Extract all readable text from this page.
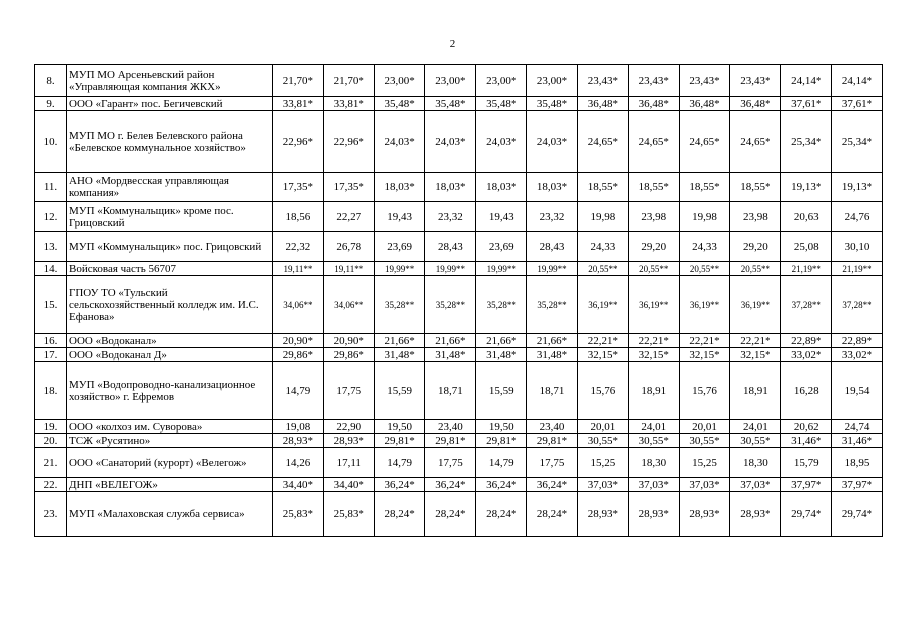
2
8.	МУП МО Арсеньевский район «Управляющая компания ЖКХ»	21,70*	21,70*	23,00*	23,00*	23,00*	23,00*	23,43*	23,43*	23,43*	23,43*	24,14*	24,14*
9.	ООО «Гарант» пос. Бегичевский	33,81*	33,81*	35,48*	35,48*	35,48*	35,48*	36,48*	36,48*	36,48*	36,48*	37,61*	37,61*
10.	МУП МО г. Белев Белевского района «Белевское коммунальное хозяйство»	22,96*	22,96*	24,03*	24,03*	24,03*	24,03*	24,65*	24,65*	24,65*	24,65*	25,34*	25,34*
11.	АНО «Мордвесская управляющая компания»	17,35*	17,35*	18,03*	18,03*	18,03*	18,03*	18,55*	18,55*	18,55*	18,55*	19,13*	19,13*
12.	МУП «Коммунальщик» кроме пос. Грицовский	18,56	22,27	19,43	23,32	19,43	23,32	19,98	23,98	19,98	23,98	20,63	24,76
13.	МУП «Коммунальщик» пос. Грицовский	22,32	26,78	23,69	28,43	23,69	28,43	24,33	29,20	24,33	29,20	25,08	30,10
14.	Войсковая часть 56707	19,11**	19,11**	19,99**	19,99**	19,99**	19,99**	20,55**	20,55**	20,55**	20,55**	21,19**	21,19**
15.	ГПОУ ТО «Тульский сельскохозяйственный колледж им. И.С. Ефанова»	34,06**	34,06**	35,28**	35,28**	35,28**	35,28**	36,19**	36,19**	36,19**	36,19**	37,28**	37,28**
16.	ООО «Водоканал»	20,90*	20,90*	21,66*	21,66*	21,66*	21,66*	22,21*	22,21*	22,21*	22,21*	22,89*	22,89*
17.	ООО «Водоканал Д»	29,86*	29,86*	31,48*	31,48*	31,48*	31,48*	32,15*	32,15*	32,15*	32,15*	33,02*	33,02*
18.	МУП «Водопроводно-канализационное хозяйство» г. Ефремов	14,79	17,75	15,59	18,71	15,59	18,71	15,76	18,91	15,76	18,91	16,28	19,54
19.	ООО «колхоз им. Суворова»	19,08	22,90	19,50	23,40	19,50	23,40	20,01	24,01	20,01	24,01	20,62	24,74
20.	ТСЖ «Русятино»	28,93*	28,93*	29,81*	29,81*	29,81*	29,81*	30,55*	30,55*	30,55*	30,55*	31,46*	31,46*
21.	ООО «Санаторий (курорт) «Велегож»	14,26	17,11	14,79	17,75	14,79	17,75	15,25	18,30	15,25	18,30	15,79	18,95
22.	ДНП «ВЕЛЕГОЖ»	34,40*	34,40*	36,24*	36,24*	36,24*	36,24*	37,03*	37,03*	37,03*	37,03*	37,97*	37,97*
23.	МУП «Малаховская служба сервиса»	25,83*	25,83*	28,24*	28,24*	28,24*	28,24*	28,93*	28,93*	28,93*	28,93*	29,74*	29,74*
